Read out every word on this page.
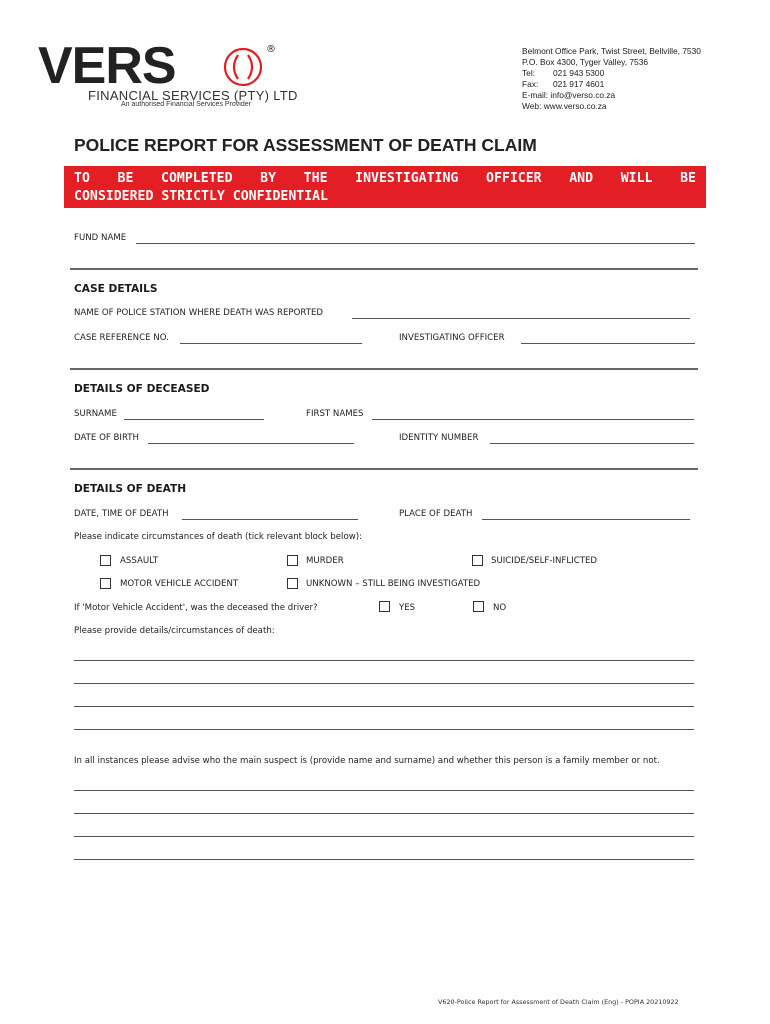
VERS	®
FINANCIAL SERVICES (PTY) LTD
An authorised Financial Services Provider
Belmont Office Park, Twist Street, Bellville, 7530
P.O. Box 4300, Tyger Valley, 7536
Tel: 021 943 5300
Fax: 021 917 4601
E-mail: info@verso.co.za
Web: www.verso.co.za
POLICE REPORT FOR ASSESSMENT OF DEATH CLAIM
TO BE COMPLETED BY THE INVESTIGATING OFFICER AND WILL BE
CONSIDERED STRICTLY CONFIDENTIAL
FUND NAME
CASE DETAILS
NAME OF POLICE STATION WHERE DEATH WAS REPORTED
CASE REFERENCE NO.	INVESTIGATING OFFICER
DETAILS OF DECEASED
SURNAME	FIRST NAMES
DATE OF BIRTH	IDENTITY NUMBER
DETAILS OF DEATH
DATE, TIME OF DEATH	PLACE OF DEATH
Please indicate circumstances of death (tick relevant block below):
ASSAULT	MURDER	SUICIDE/SELF-INFLICTED
MOTOR VEHICLE ACCIDENT	UNKNOWN – STILL BEING INVESTIGATED
If 'Motor Vehicle Accident', was the deceased the driver?	YES	NO
Please provide details/circumstances of death:
In all instances please advise who the main suspect is (provide name and surname) and whether this person is a family member or not.
V620-Police Report for Assessment of Death Claim (Eng) - POPIA 20210922
